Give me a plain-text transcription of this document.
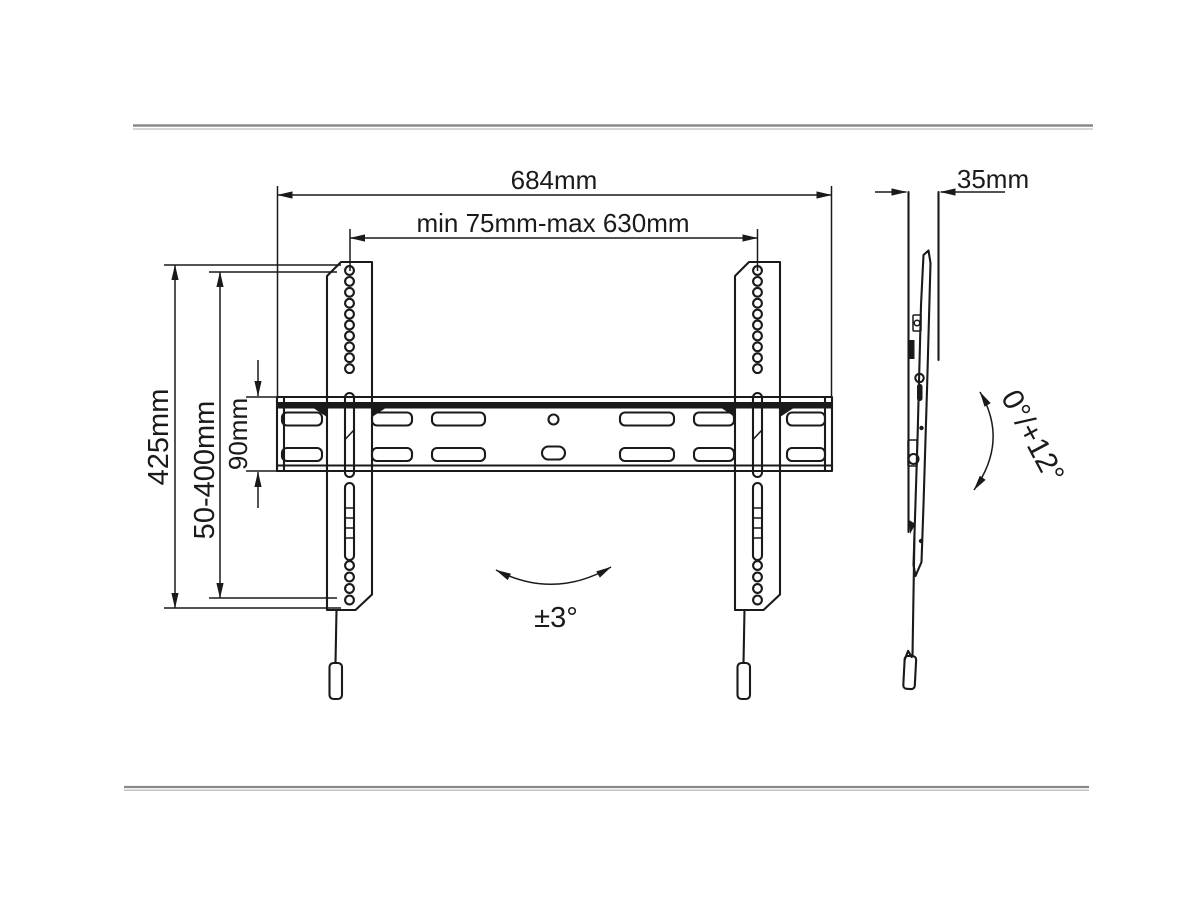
684mm
min 75mm-max 630mm
425mm 50-400mm 90mm
±3°
35mm
0°/+12°
